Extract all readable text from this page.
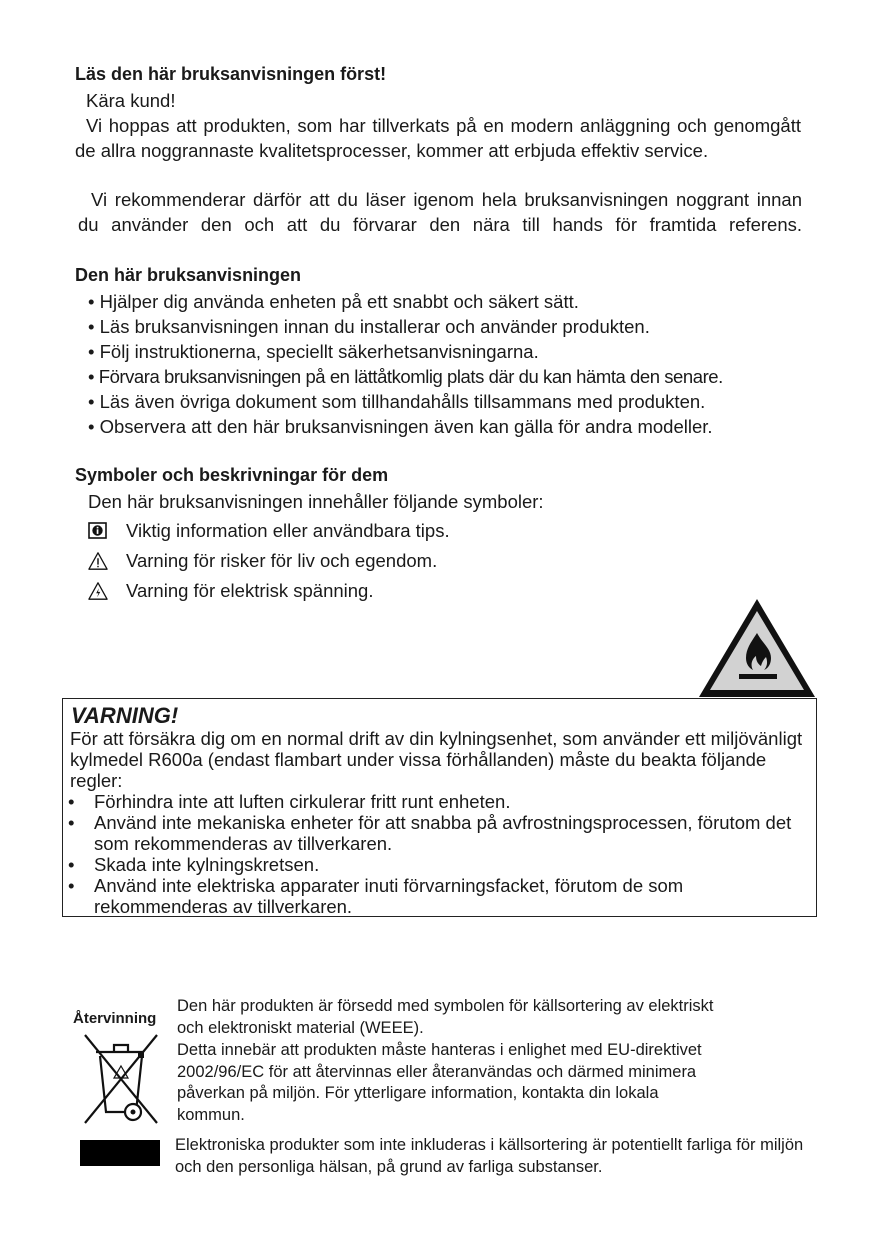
Läs den här bruksanvisningen först!
Kära kund!
Vi hoppas att produkten, som har tillverkats på en modern anläggning och genomgått de allra noggrannaste kvalitetsprocesser, kommer att erbjuda effektiv service.
Vi rekommenderar därför att du läser igenom hela bruksanvisningen noggrant innan du använder den och att du förvarar den nära till hands för framtida referens.
Den här bruksanvisningen
• Hjälper dig använda enheten på ett snabbt och säkert sätt.
• Läs bruksanvisningen innan du installerar och använder produkten.
• Följ instruktionerna, speciellt säkerhetsanvisningarna.
• Förvara bruksanvisningen på en lättåtkomlig plats där du kan hämta den senare.
• Läs även övriga dokument som tillhandahålls tillsammans med produkten.
• Observera att den här bruksanvisningen även kan gälla för andra modeller.
Symboler och beskrivningar för dem
Den här bruksanvisningen innehåller följande symboler:
Viktig information eller användbara tips.
Varning för risker för liv och egendom.
Varning för elektrisk spänning.
VARNING!
För att försäkra dig om en normal drift av din kylningsenhet, som använder ett miljövänligt kylmedel R600a (endast flambart under vissa förhållanden) måste du beakta följande regler:
• Förhindra inte att luften cirkulerar fritt runt enheten.
• Använd inte mekaniska enheter för att snabba på avfrostningsprocessen, förutom det som rekommenderas av tillverkaren.
• Skada inte kylningskretsen.
• Använd inte elektriska apparater inuti förvarningsfacket, förutom de som rekommenderas av tillverkaren.
Återvinning
Den här produkten är försedd med symbolen för källsortering av elektriskt och elektroniskt material (WEEE).
Detta innebär att produkten måste hanteras i enlighet med EU-direktivet 2002/96/EC för att återvinnas eller återanvändas och därmed minimera påverkan på miljön. För ytterligare information, kontakta din lokala kommun.
Elektroniska produkter som inte inkluderas i källsortering är potentiellt farliga för miljön och den personliga hälsan, på grund av farliga substanser.
